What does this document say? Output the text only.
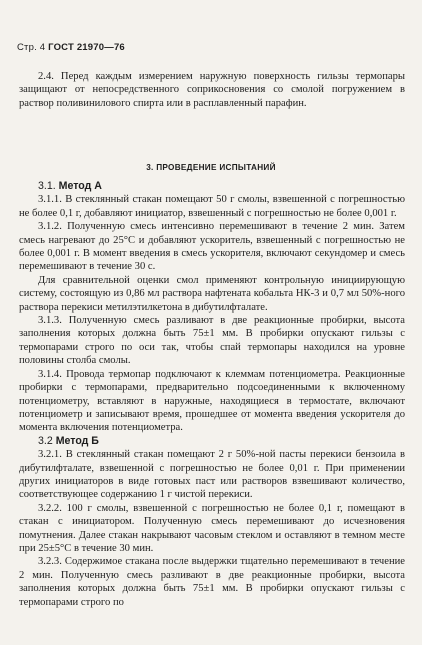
Стр. 4 ГОСТ 21970—76

2.4. Перед каждым измерением наружную поверхность гильзы термопары защищают от непосредственного соприкосновения со смолой погружением в раствор поливинилового спирта или в расплавленный парафин.

3. ПРОВЕДЕНИЕ ИСПЫТАНИЙ

3.1. Метод А

3.1.1. В стеклянный стакан помещают 50 г смолы, взвешенной с погрешностью не более 0,1 г, добавляют инициатор, взвешенный с погрешностью не более 0,001 г.

3.1.2. Полученную смесь интенсивно перемешивают в течение 2 мин. Затем смесь нагревают до 25°С и добавляют ускоритель, взвешенный с погрешностью не более 0,001 г. В момент введения в смесь ускорителя, включают секундомер и смесь перемешивают в течение 30 с.

Для сравнительной оценки смол применяют контрольную инициирующую систему, состоящую из 0,86 мл раствора нафтената кобальта НК-3 и 0,7 мл 50%-ного раствора перекиси метилэтилкетона в дибутилфталате.

3.1.3. Полученную смесь разливают в две реакционные пробирки, высота заполнения которых должна быть 75±1 мм. В пробирки опускают гильзы с термопарами строго по оси так, чтобы спай термопары находился на уровне половины столба смолы.

3.1.4. Провода термопар подключают к клеммам потенциометра. Реакционные пробирки с термопарами, предварительно подсоединенными к включенному потенциометру, вставляют в наружные, находящиеся в термостате, включают потенциометр и записывают время, прошедшее от момента введения ускорителя до момента включения потенциометра.

3.2 Метод Б

3.2.1. В стеклянный стакан помещают 2 г 50%-ной пасты перекиси бензоила в дибутилфталате, взвешенной с погрешностью не более 0,01 г. При применении других инициаторов в виде готовых паст или растворов взвешивают количество, соответствующее содержанию 1 г чистой перекиси.

3.2.2. 100 г смолы, взвешенной с погрешностью не более 0,1 г, помещают в стакан с инициатором. Полученную смесь перемешивают до исчезновения помутнения. Далее стакан накрывают часовым стеклом и оставляют в темном месте при 25±5°С в течение 30 мин.

3.2.3. Содержимое стакана после выдержки тщательно перемешивают в течение 2 мин. Полученную смесь разливают в две реакционные пробирки, высота заполнения которых должна быть 75±1 мм. В пробирки опускают гильзы с термопарами строго по
